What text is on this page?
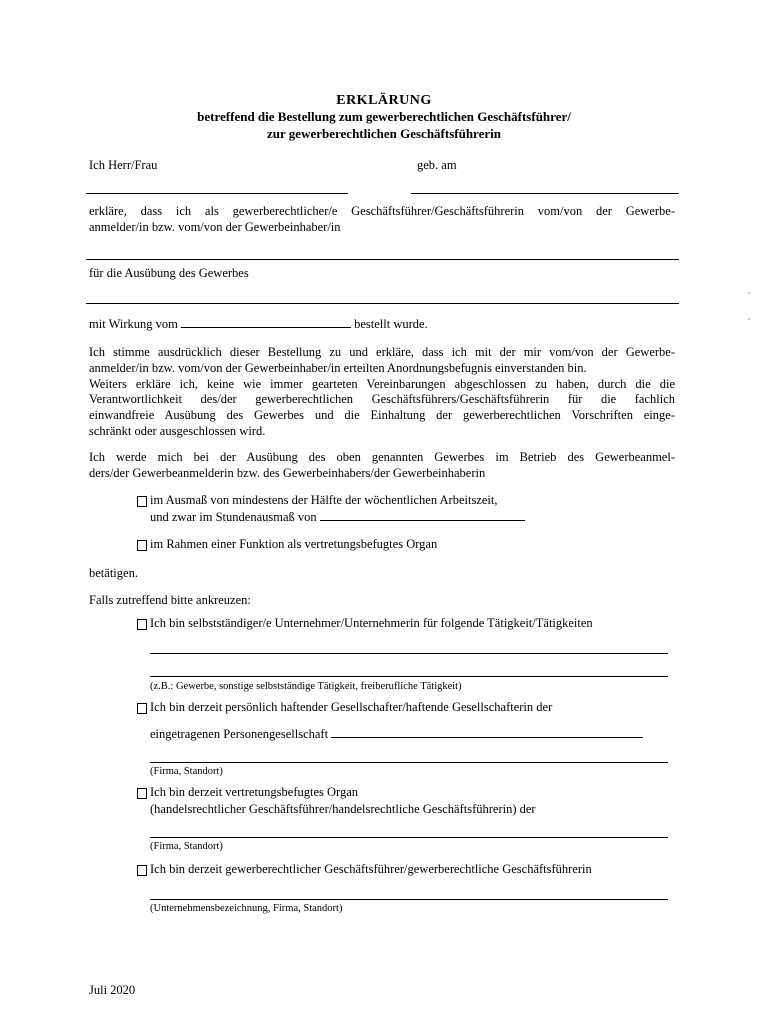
ERKLÄRUNG
betreffend die Bestellung zum gewerberechtlichen Geschäftsführer/
zur gewerberechtlichen Geschäftsführerin
Ich Herr/Frau	geb. am
erkläre, dass ich als gewerberechtlicher/e Geschäftsführer/Geschäftsführerin vom/von der Gewerbe-
anmelder/in bzw. vom/von der Gewerbeinhaber/in
für die Ausübung des Gewerbes
mit Wirkung vom	bestellt wurde.
Ich stimme ausdrücklich dieser Bestellung zu und erkläre, dass ich mit der mir vom/von der Gewerbe-
anmelder/in bzw. vom/von der Gewerbeinhaber/in erteilten Anordnungsbefugnis einverstanden bin.
Weiters erkläre ich, keine wie immer gearteten Vereinbarungen abgeschlossen zu haben, durch die die
Verantwortlichkeit des/der gewerberechtlichen Geschäftsführers/Geschäftsführerin für die fachlich
einwandfreie Ausübung des Gewerbes und die Einhaltung der gewerberechtlichen Vorschriften einge-
schränkt oder ausgeschlossen wird.
Ich werde mich bei der Ausübung des oben genannten Gewerbes im Betrieb des Gewerbeanmel-
ders/der Gewerbeanmelderin bzw. des Gewerbeinhabers/der Gewerbeinhaberin
im Ausmaß von mindestens der Hälfte der wöchentlichen Arbeitszeit,
und zwar im Stundenausmaß von
im Rahmen einer Funktion als vertretungsbefugtes Organ
betätigen.
Falls zutreffend bitte ankreuzen:
Ich bin selbstständiger/e Unternehmer/Unternehmerin für folgende Tätigkeit/Tätigkeiten
(z.B.: Gewerbe, sonstige selbstständige Tätigkeit, freiberufliche Tätigkeit)
Ich bin derzeit persönlich haftender Gesellschafter/haftende Gesellschafterin der
eingetragenen Personengesellschaft
(Firma, Standort)
Ich bin derzeit vertretungsbefugtes Organ
(handelsrechtlicher Geschäftsführer/handelsrechtliche Geschäftsführerin) der
(Firma, Standort)
Ich bin derzeit gewerberechtlicher Geschäftsführer/gewerberechtliche Geschäftsführerin
(Unternehmensbezeichnung, Firma, Standort)
Juli 2020
